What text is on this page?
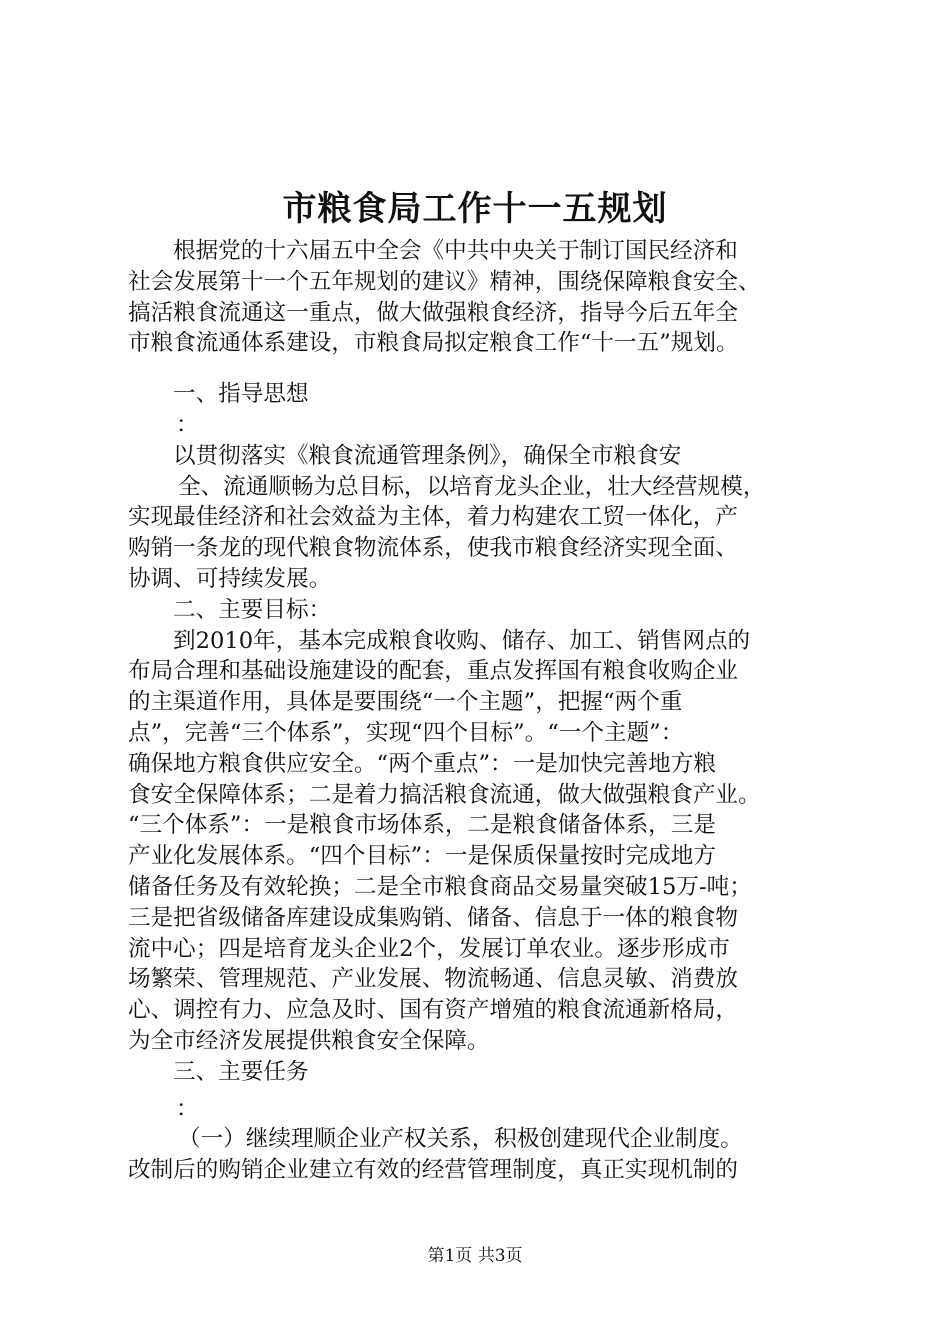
市粮食局工作十一五规划
根据党的十六届五中全会《中共中央关于制订国民经济和
社会发展第十一个五年规划的建议》精神，围绕保障粮食安全、
搞活粮食流通这一重点，做大做强粮食经济，指导今后五年全
市粮食流通体系建设，市粮食局拟定粮食工作“十一五”规划。
一、指导思想
：
以贯彻落实《粮食流通管理条例》，确保全市粮食安
全、流通顺畅为总目标，以培育龙头企业，壮大经营规模，
实现最佳经济和社会效益为主体，着力构建农工贸一体化，产
购销一条龙的现代粮食物流体系，使我市粮食经济实现全面、
协调、可持续发展。
二、主要目标：
到2010年，基本完成粮食收购、储存、加工、销售网点的
布局合理和基础设施建设的配套，重点发挥国有粮食收购企业
的主渠道作用，具体是要围绕“一个主题”，把握“两个重
点”，完善“三个体系”，实现“四个目标”。“一个主题”：
确保地方粮食供应安全。“两个重点”：一是加快完善地方粮
食安全保障体系；二是着力搞活粮食流通，做大做强粮食产业。
“三个体系”：一是粮食市场体系，二是粮食储备体系，三是
产业化发展体系。“四个目标”：一是保质保量按时完成地方
储备任务及有效轮换；二是全市粮食商品交易量突破15万-吨；
三是把省级储备库建设成集购销、储备、信息于一体的粮食物
流中心；四是培育龙头企业2个，发展订单农业。逐步形成市
场繁荣、管理规范、产业发展、物流畅通、信息灵敏、消费放
心、调控有力、应急及时、国有资产增殖的粮食流通新格局，
为全市经济发展提供粮食安全保障。
三、主要任务
：
（一）继续理顺企业产权关系，积极创建现代企业制度。
改制后的购销企业建立有效的经营管理制度，真正实现机制的
第1页 共3页
